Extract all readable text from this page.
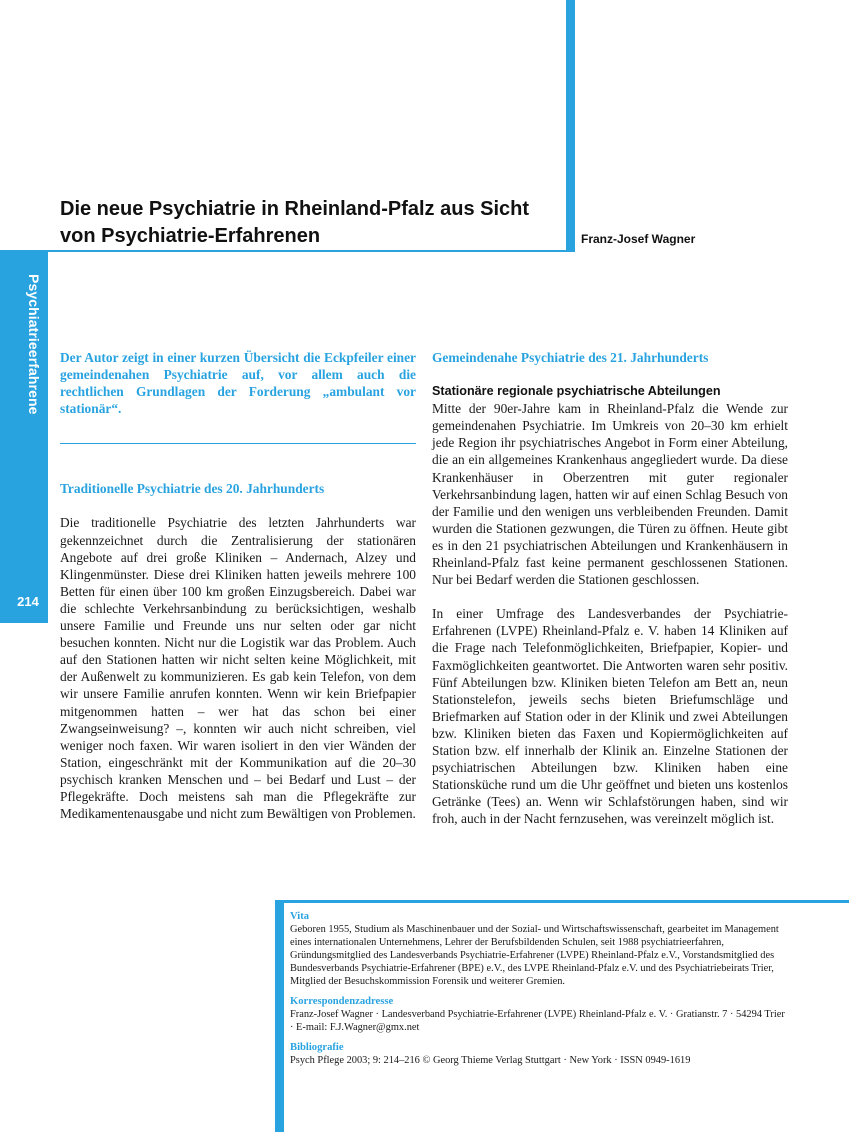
Psychiatrieerfahrene
214
Die neue Psychiatrie in Rheinland-Pfalz aus Sicht von Psychiatrie-Erfahrenen	Franz-Josef Wagner

Der Autor zeigt in einer kurzen Übersicht die Eckpfeiler einer gemeindenahen Psychiatrie auf, vor allem auch die rechtlichen Grundlagen der Forderung „ambulant vor stationär“.

Traditionelle Psychiatrie des 20. Jahrhunderts

Die traditionelle Psychiatrie des letzten Jahrhunderts war gekennzeichnet durch die Zentralisierung der stationären Angebote auf drei große Kliniken – Andernach, Alzey und Klingenmünster. Diese drei Kliniken hatten jeweils mehrere 100 Betten für einen über 100 km großen Einzugsbereich. Dabei war die schlechte Verkehrsanbindung zu berücksichtigen, weshalb unsere Familie und Freunde uns nur selten oder gar nicht besuchen konnten. Nicht nur die Logistik war das Problem. Auch auf den Stationen hatten wir nicht selten keine Möglichkeit, mit der Außenwelt zu kommunizieren. Es gab kein Telefon, von dem wir unsere Familie anrufen konnten. Wenn wir kein Briefpapier mitgenommen hatten – wer hat das schon bei einer Zwangseinweisung? –, konnten wir auch nicht schreiben, viel weniger noch faxen. Wir waren isoliert in den vier Wänden der Station, eingeschränkt mit der Kommunikation auf die 20–30 psychisch kranken Menschen und – bei Bedarf und Lust – der Pflegekräfte. Doch meistens sah man die Pflegekräfte zur Medikamentenausgabe und nicht zum Bewältigen von Problemen.

Gemeindenahe Psychiatrie des 21. Jahrhunderts
Stationäre regionale psychiatrische Abteilungen

Mitte der 90er-Jahre kam in Rheinland-Pfalz die Wende zur gemeindenahen Psychiatrie. Im Umkreis von 20–30 km erhielt jede Region ihr psychiatrisches Angebot in Form einer Abteilung, die an ein allgemeines Krankenhaus angegliedert wurde. Da diese Krankenhäuser in Oberzentren mit guter regionaler Verkehrsanbindung lagen, hatten wir auf einen Schlag Besuch von der Familie und den wenigen uns verbleibenden Freunden. Damit wurden die Stationen gezwungen, die Türen zu öffnen. Heute gibt es in den 21 psychiatrischen Abteilungen und Krankenhäusern in Rheinland-Pfalz fast keine permanent geschlossenen Stationen. Nur bei Bedarf werden die Stationen geschlossen.

In einer Umfrage des Landesverbandes der Psychiatrie-Erfahrenen (LVPE) Rheinland-Pfalz e. V. haben 14 Kliniken auf die Frage nach Telefonmöglichkeiten, Briefpapier, Kopier- und Faxmöglichkeiten geantwortet. Die Antworten waren sehr positiv. Fünf Abteilungen bzw. Kliniken bieten Telefon am Bett an, neun Stationstelefon, jeweils sechs bieten Briefumschläge und Briefmarken auf Station oder in der Klinik und zwei Abteilungen bzw. Kliniken bieten das Faxen und Kopiermöglichkeiten auf Station bzw. elf innerhalb der Klinik an. Einzelne Stationen der psychiatrischen Abteilungen bzw. Kliniken haben eine Stationsküche rund um die Uhr geöffnet und bieten uns kostenlos Getränke (Tees) an. Wenn wir Schlafstörungen haben, sind wir froh, auch in der Nacht fernzusehen, was vereinzelt möglich ist.

Vita

Geboren 1955, Studium als Maschinenbauer und der Sozial- und Wirtschaftswissenschaft, gearbeitet im Management eines internationalen Unternehmens, Lehrer der Berufsbildenden Schulen, seit 1988 psychiatrieerfahren, Gründungsmitglied des Landesverbands Psychiatrie-Erfahrener (LVPE) Rheinland-Pfalz e.V., Vorstandsmitglied des Bundesverbands Psychiatrie-Erfahrener (BPE) e.V., des LVPE Rheinland-Pfalz e.V. und des Psychiatriebeirats Trier, Mitglied der Besuchskommission Forensik und weiterer Gremien.

Korrespondenzadresse

Franz-Josef Wagner · Landesverband Psychiatrie-Erfahrener (LVPE) Rheinland-Pfalz e. V. · Gratianstr. 7 · 54294 Trier · E-mail: F.J.Wagner@gmx.net

Bibliografie

Psych Pflege 2003; 9: 214–216 © Georg Thieme Verlag Stuttgart · New York · ISSN 0949-1619
